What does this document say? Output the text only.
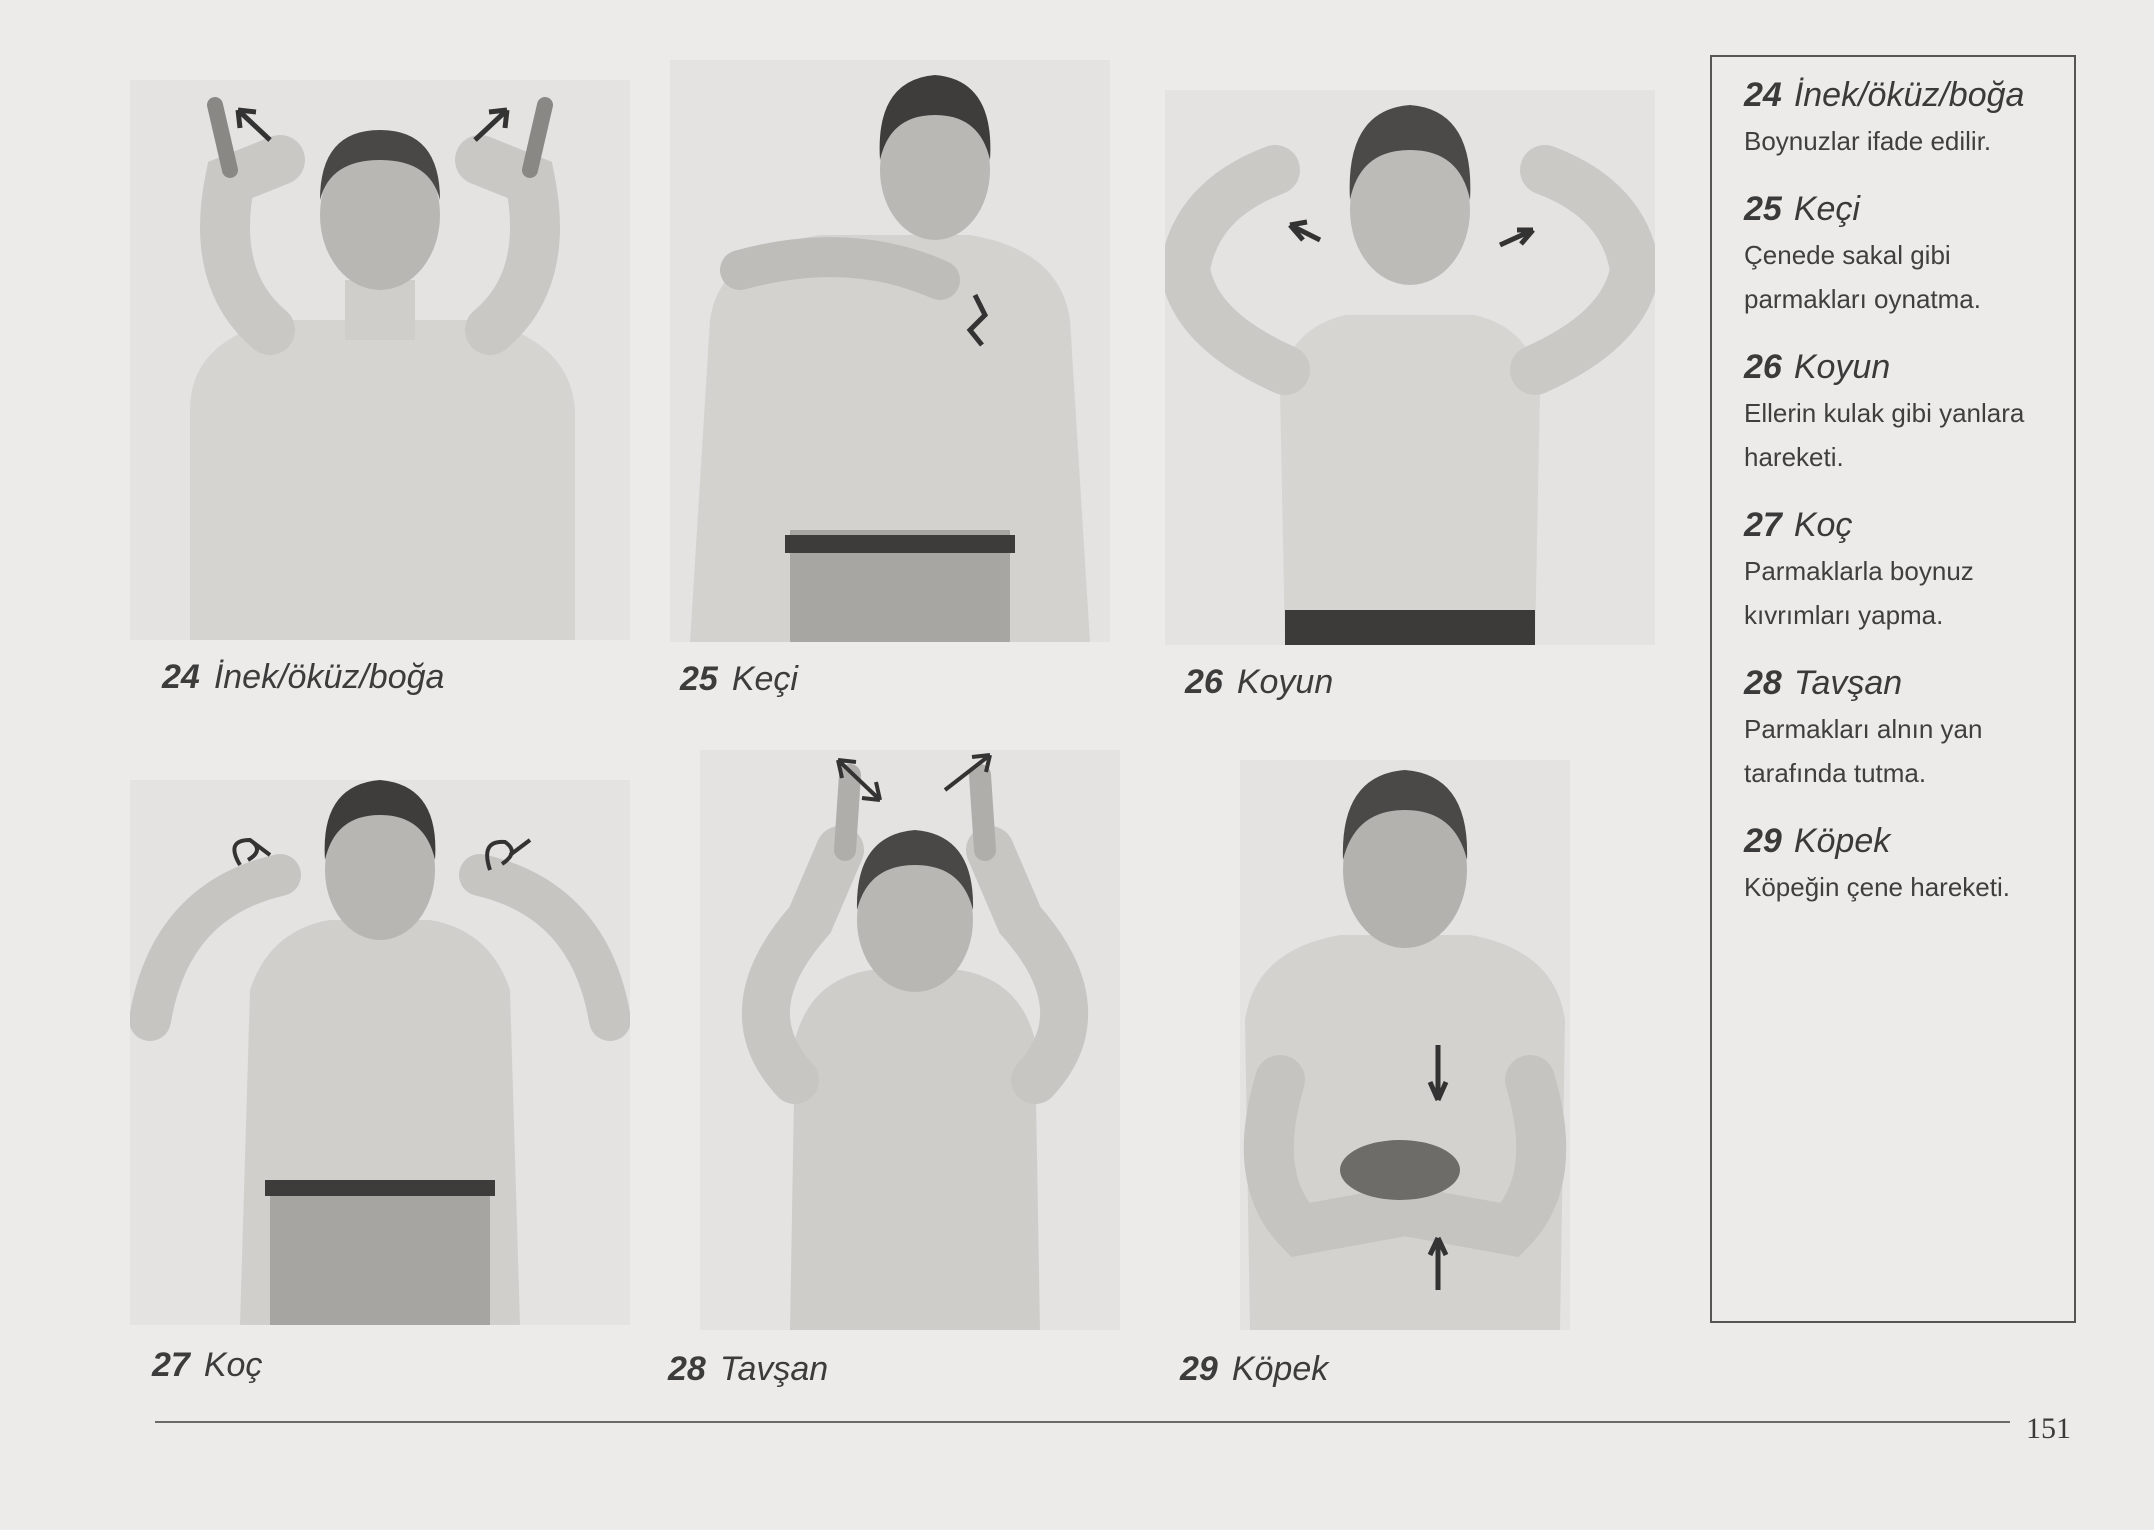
24 İnek/öküz/boğa	25 Keçi	26 Koyun
27 Koç	28 Tavşan	29 Köpek
24 İnek/öküz/boğa
Boynuzlar ifade edilir.
25 Keçi
Çenede sakal gibi parmakları oynatma.
26 Koyun
Ellerin kulak gibi yanlara hareketi.
27 Koç
Parmaklarla boynuz kıvrımları yapma.
28 Tavşan
Parmakları alnın yan tarafında tutma.
29 Köpek
Köpeğin çene hareketi.
151
